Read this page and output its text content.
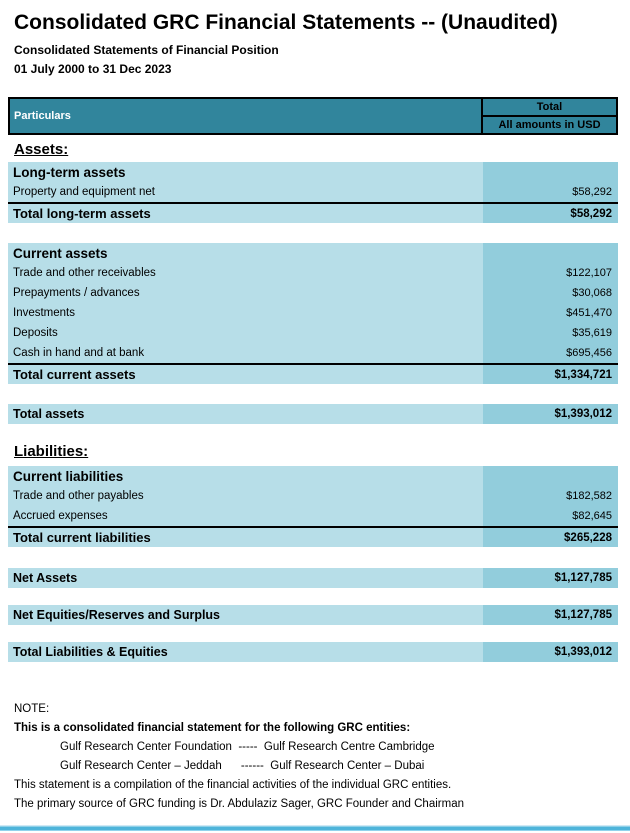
Consolidated GRC Financial Statements -- (Unaudited)
Consolidated Statements of Financial Position
01 July 2000 to 31 Dec 2023
Particulars
Total
All amounts in USD
Assets:
Long-term assets
Property and equipment net	$58,292
Total long-term assets	$58,292
Current assets
Trade and other receivables	$122,107
Prepayments / advances	$30,068
Investments	$451,470
Deposits	$35,619
Cash in hand and at bank	$695,456
Total current assets	$1,334,721
Total assets	$1,393,012
Liabilities:
Current liabilities
Trade and other payables	$182,582
Accrued expenses	$82,645
Total current liabilities	$265,228
Net Assets	$1,127,785
Net Equities/Reserves and Surplus	$1,127,785
Total Liabilities & Equities	$1,393,012
NOTE:
This is a consolidated financial statement for the following GRC entities:
Gulf Research Center Foundation  -----  Gulf Research Centre Cambridge
Gulf Research Center – Jeddah      ------  Gulf Research Center – Dubai
This statement is a compilation of the financial activities of the individual GRC entities.
The primary source of GRC funding is Dr. Abdulaziz Sager, GRC Founder and Chairman
